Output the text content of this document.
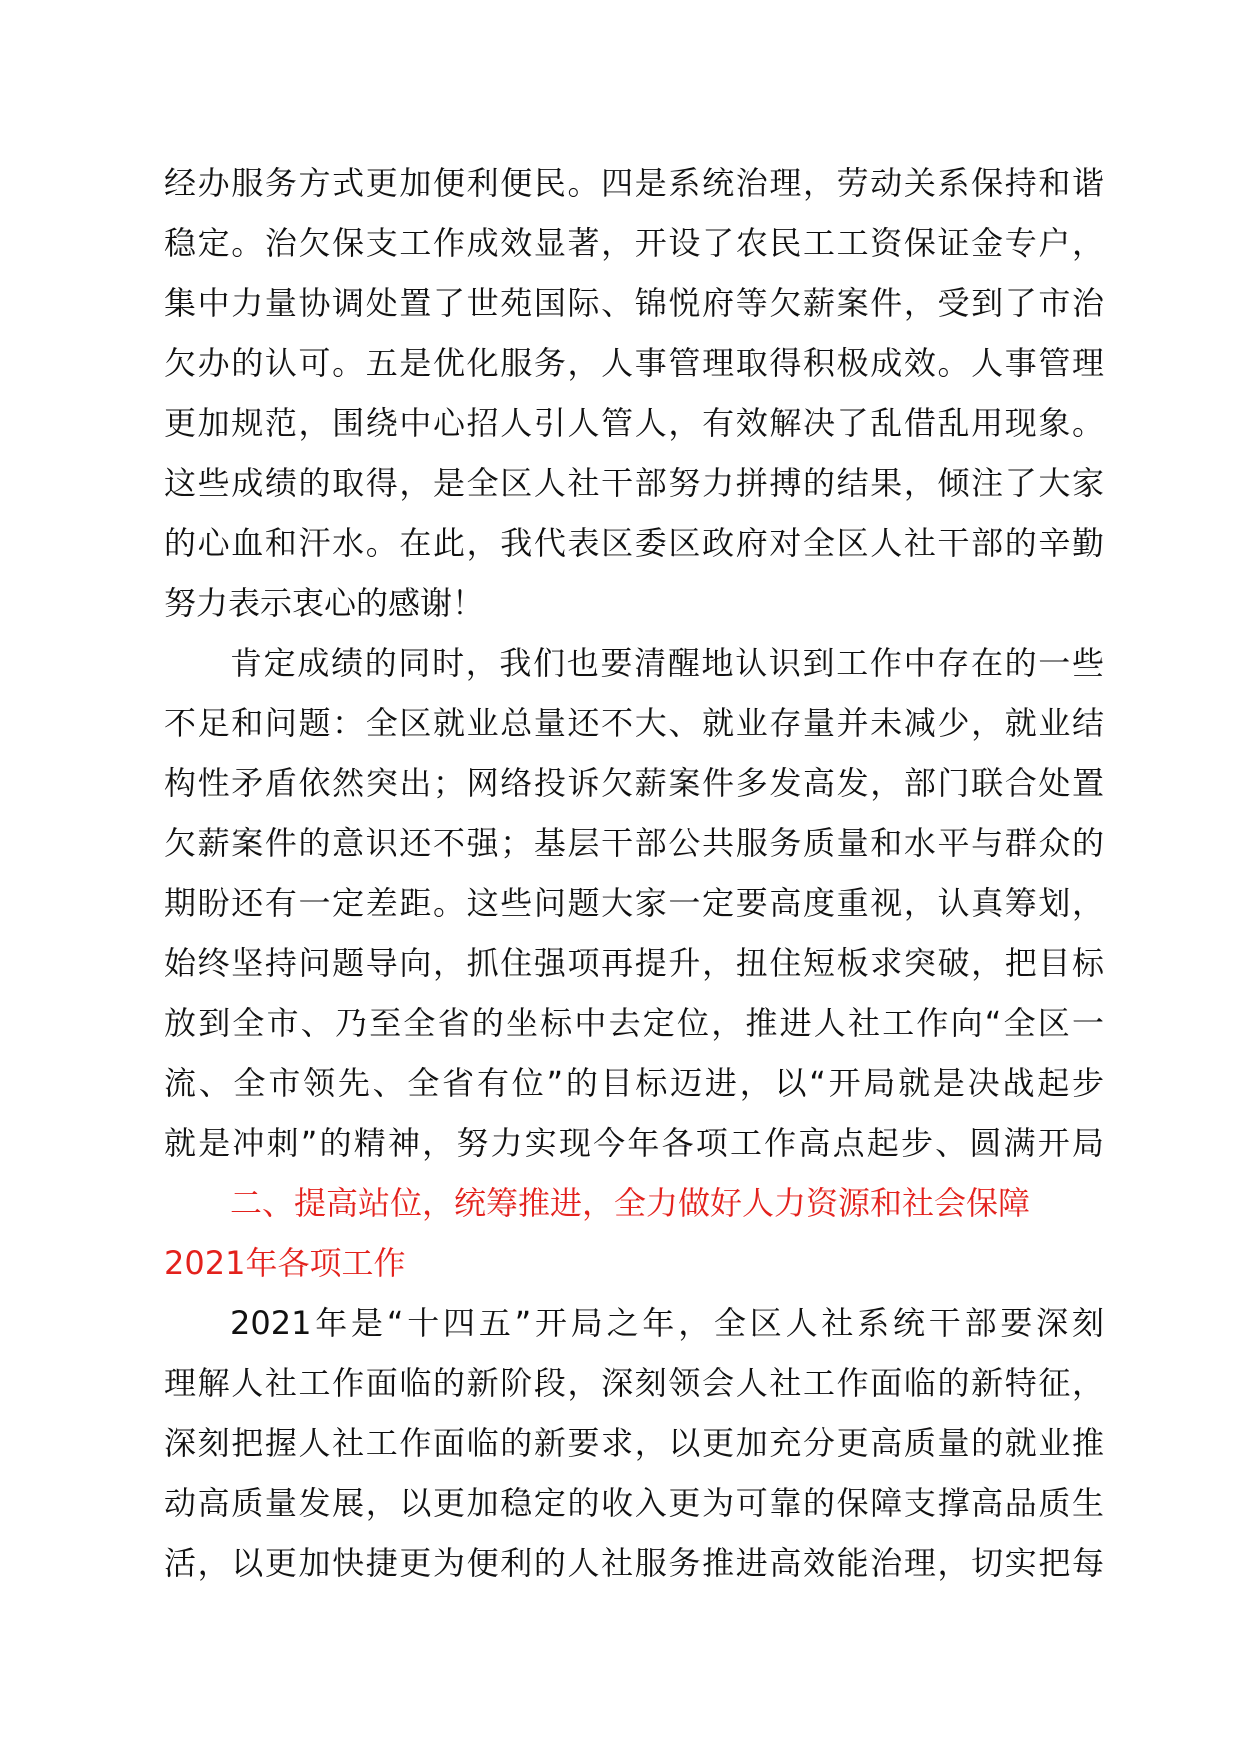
经办服务方式更加便利便民。四是系统治理，劳动关系保持和谐
稳定。治欠保支工作成效显著，开设了农民工工资保证金专户，
集中力量协调处置了世苑国际、锦悦府等欠薪案件，受到了市治
欠办的认可。五是优化服务，人事管理取得积极成效。人事管理
更加规范，围绕中心招人引人管人，有效解决了乱借乱用现象。
这些成绩的取得，是全区人社干部努力拼搏的结果，倾注了大家
的心血和汗水。在此，我代表区委区政府对全区人社干部的辛勤
努力表示衷心的感谢！
肯定成绩的同时，我们也要清醒地认识到工作中存在的一些
不足和问题：全区就业总量还不大、就业存量并未减少，就业结
构性矛盾依然突出；网络投诉欠薪案件多发高发，部门联合处置
欠薪案件的意识还不强；基层干部公共服务质量和水平与群众的
期盼还有一定差距。这些问题大家一定要高度重视，认真筹划，
始终坚持问题导向，抓住强项再提升，扭住短板求突破，把目标
放到全市、乃至全省的坐标中去定位，推进人社工作向“全区一
流、全市领先、全省有位”的目标迈进，以“开局就是决战起步
就是冲刺”的精神，努力实现今年各项工作高点起步、圆满开局
二、提高站位，统筹推进，全力做好人力资源和社会保障
2021年各项工作
2021年是“十四五”开局之年，全区人社系统干部要深刻
理解人社工作面临的新阶段，深刻领会人社工作面临的新特征，
深刻把握人社工作面临的新要求，以更加充分更高质量的就业推
动高质量发展，以更加稳定的收入更为可靠的保障支撑高品质生
活，以更加快捷更为便利的人社服务推进高效能治理，切实把每
